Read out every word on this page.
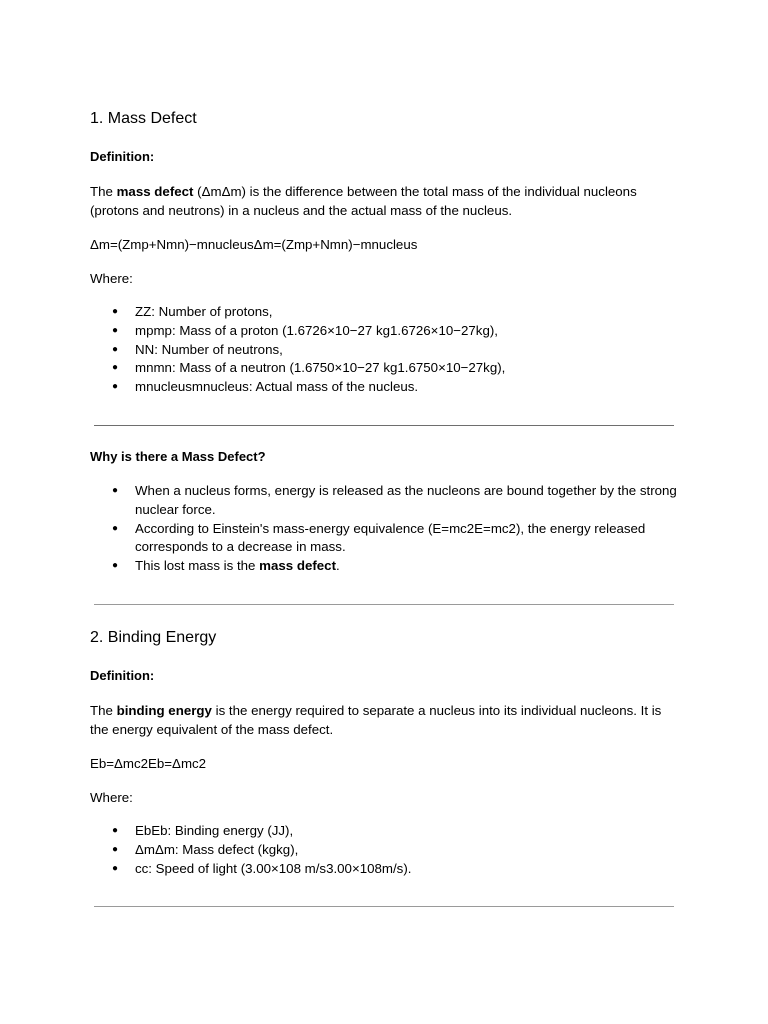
1. Mass Defect
Definition:

The mass defect (ΔmΔm) is the difference between the total mass of the individual nucleons (protons and neutrons) in a nucleus and the actual mass of the nucleus.

Δm=(Zmp+Nmn)−mnucleusΔm=(Zmp+Nmn)−mnucleus

Where:

● ZZ: Number of protons,
● mpmp: Mass of a proton (1.6726×10−27 kg1.6726×10−27kg),
● NN: Number of neutrons,
● mnmn: Mass of a neutron (1.6750×10−27 kg1.6750×10−27kg),
● mnucleusmnucleus: Actual mass of the nucleus.
Why is there a Mass Defect?
● When a nucleus forms, energy is released as the nucleons are bound together by the strong nuclear force.
● According to Einstein's mass-energy equivalence (E=mc2E=mc2), the energy released corresponds to a decrease in mass.
● This lost mass is the mass defect.
2. Binding Energy
Definition:

The binding energy is the energy required to separate a nucleus into its individual nucleons. It is the energy equivalent of the mass defect.

Eb=Δmc2Eb=Δmc2

Where:

● EbEb: Binding energy (JJ),
● ΔmΔm: Mass defect (kgkg),
● cc: Speed of light (3.00×108 m/s3.00×108m/s).
